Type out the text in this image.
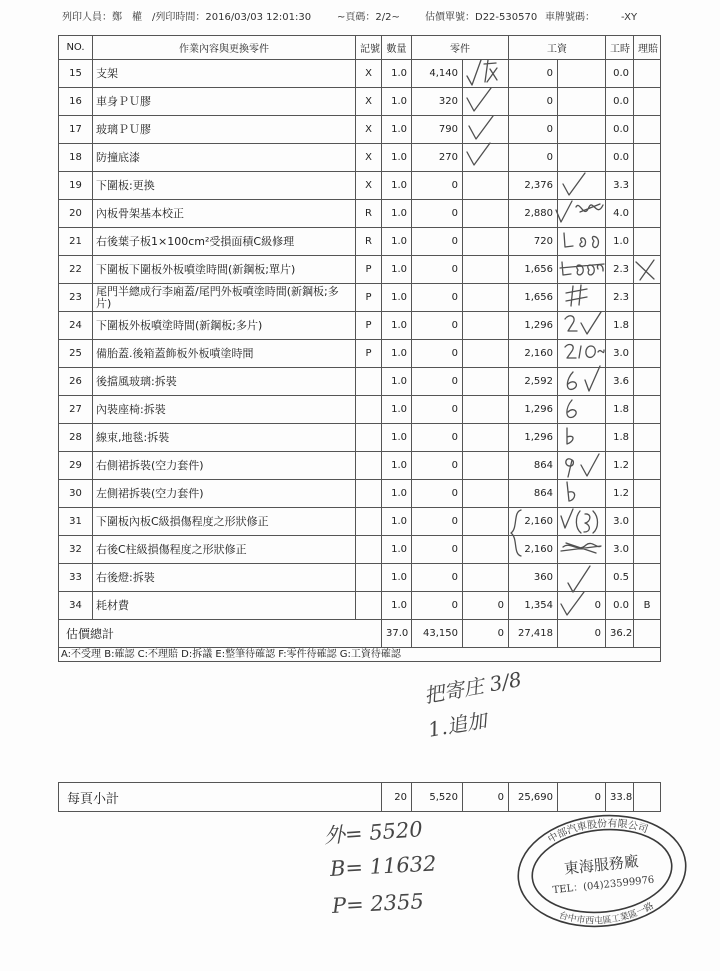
列印人員：鄭　權　/列印時間：2016/03/03 12:01:30	~頁碼：2/2~	估價單號：D22-530570 車牌號碼：	-XY
NO.	作業內容與更換零件	記號	數量	零件		工資		工時	理賠
15	支架	X	1.0	4,140		0		0.0	
16	車身ＰＵ膠	X	1.0	320		0		0.0	
17	玻璃ＰＵ膠	X	1.0	790		0		0.0	
18	防撞底漆	X	1.0	270		0		0.0	
19	下圍板:更換	X	1.0	0		2,376		3.3	
20	內板骨架基本校正	R	1.0	0		2,880		4.0	
21	右後葉子板1×100cm²受損面積C級修理	R	1.0	0		720		1.0	
22	下圍板下圍板外板噴塗時間(新鋼板;單片)	P	1.0	0		1,656		2.3	
23	尾門半總成行李廂蓋/尾門外板噴塗時間(新鋼板;多片)	P	1.0	0		1,656		2.3	
24	下圍板外板噴塗時間(新鋼板;多片)	P	1.0	0		1,296		1.8	
25	備胎蓋.後箱蓋飾板外板噴塗時間	P	1.0	0		2,160		3.0	
26	後擋風玻璃:拆裝		1.0	0		2,592		3.6	
27	內裝座椅:拆裝		1.0	0		1,296		1.8	
28	線束,地毯:拆裝		1.0	0		1,296		1.8	
29	右側裙拆裝(空力套件)		1.0	0		864		1.2	
30	左側裙拆裝(空力套件)		1.0	0		864		1.2	
31	下圍板內板C級損傷程度之形狀修正		1.0	0		2,160		3.0	
32	右後C柱級損傷程度之形狀修正		1.0	0		2,160		3.0	
33	右後燈:拆裝		1.0	0		360		0.5	
34	耗材費		1.0	0	0	1,354	0	0.0	B
估價總計			37.0	43,150	0	27,418	0	36.2	
A:不受理 B:確認 C:不理賠 D:拆議 E:整筆待確認 F:零件待確認 G:工資待確認									
每頁小計	20	5,520	0	25,690	0	33.8	
把寄庄 3/8
1.追加
外= 5520
B= 11632
P= 2355
中部汽車股份有限公司
台中市西屯區工業區一路
東海服務廠
TEL：(04)23599976
